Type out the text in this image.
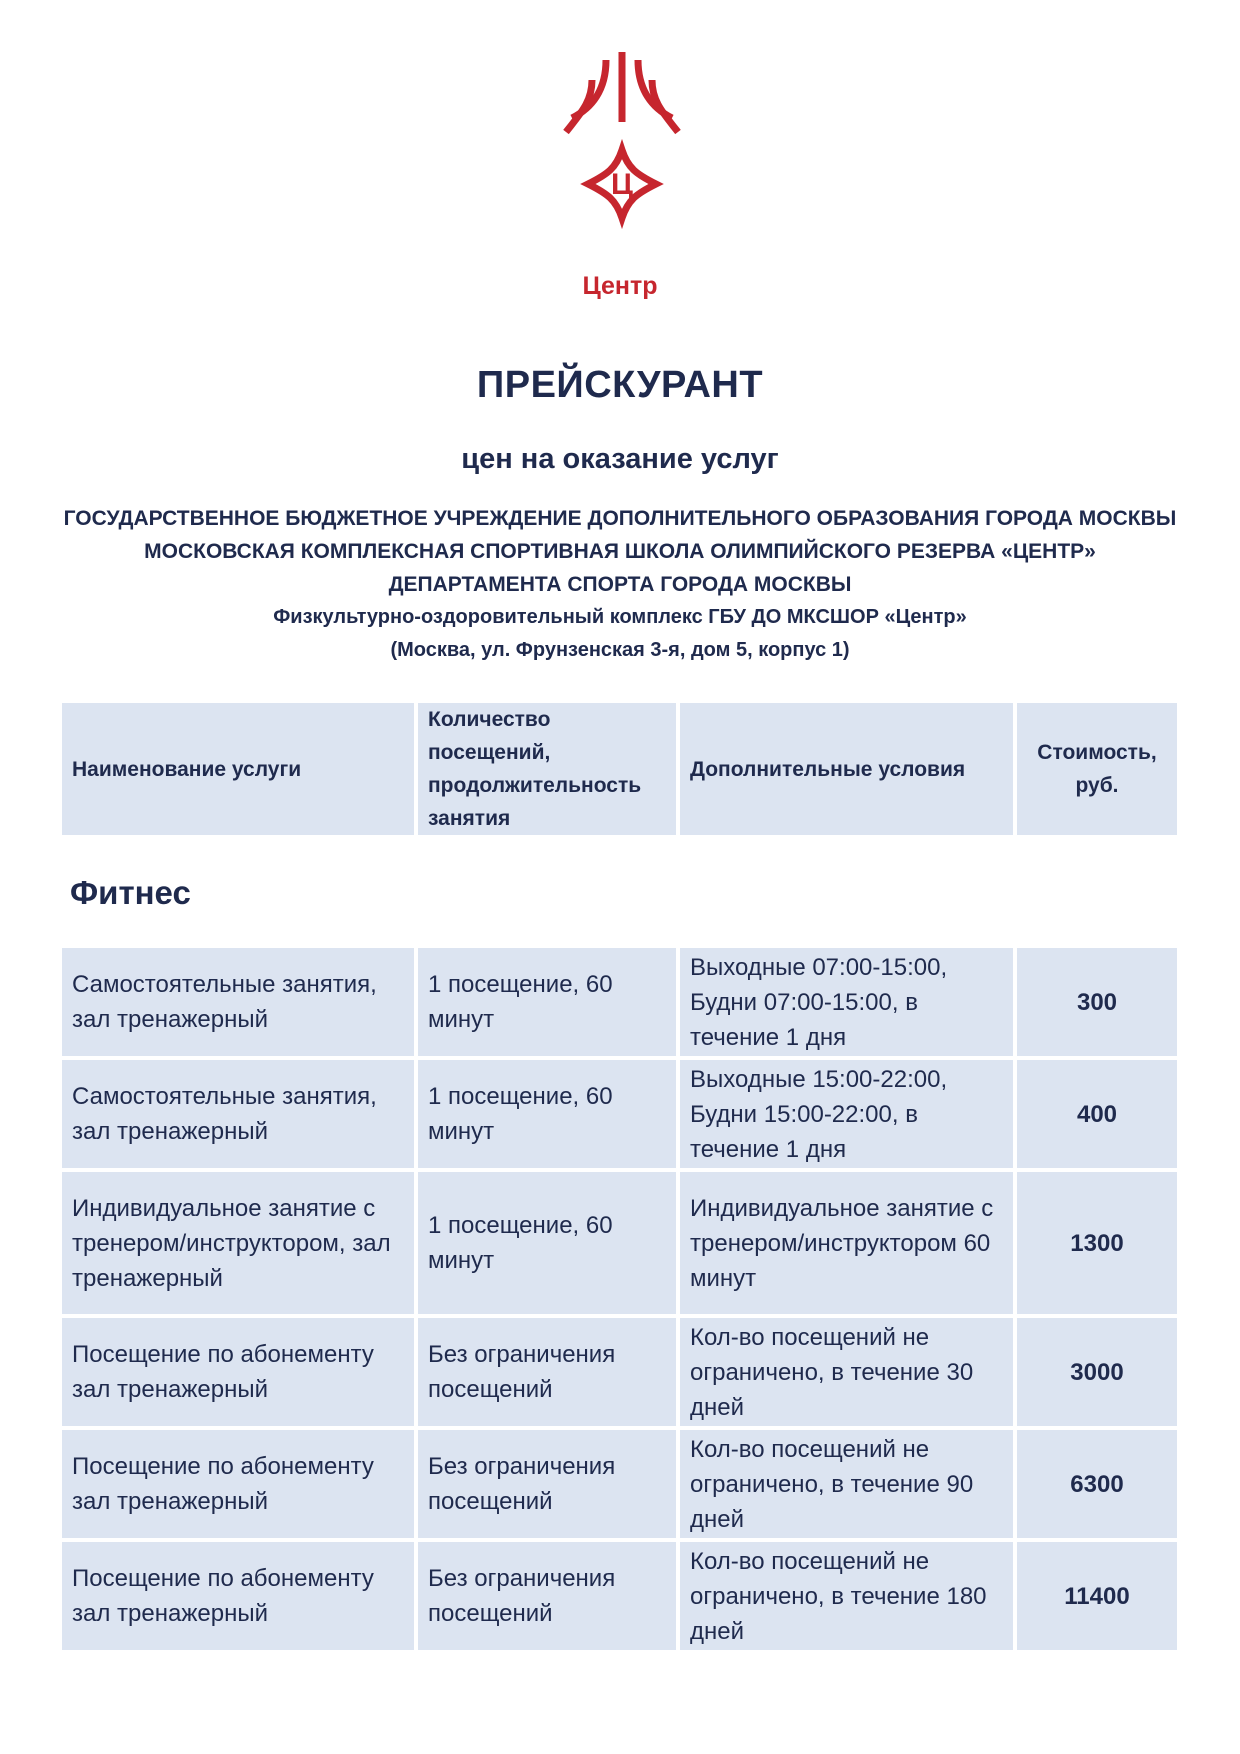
Ц
Центр
ПРЕЙСКУРАНТ
цен на оказание услуг
ГОСУДАРСТВЕННОЕ БЮДЖЕТНОЕ УЧРЕЖДЕНИЕ ДОПОЛНИТЕЛЬНОГО ОБРАЗОВАНИЯ ГОРОДА МОСКВЫ
МОСКОВСКАЯ КОМПЛЕКСНАЯ СПОРТИВНАЯ ШКОЛА ОЛИМПИЙСКОГО РЕЗЕРВА «ЦЕНТР»
ДЕПАРТАМЕНТА СПОРТА ГОРОДА МОСКВЫ
Физкультурно-оздоровительный комплекс ГБУ ДО МКСШОР «Центр»
(Москва, ул. Фрунзенская 3-я, дом 5, корпус 1)
Наименование услуги
Количество посещений, продолжительность занятия
Дополнительные условия
Стоимость, руб.
Фитнес
Самостоятельные занятия, зал тренажерный
1 посещение, 60 минут
Выходные 07:00-15:00, Будни 07:00-15:00, в течение 1 дня
300
Самостоятельные занятия, зал тренажерный
1 посещение, 60 минут
Выходные 15:00-22:00, Будни 15:00-22:00, в течение 1 дня
400
Индивидуальное занятие с тренером/инструктором, зал тренажерный
1 посещение, 60 минут
Индивидуальное занятие с тренером/инструктором 60 минут
1300
Посещение по абонементу зал тренажерный
Без ограничения посещений
Кол-во посещений не ограничено, в течение 30 дней
3000
Посещение по абонементу зал тренажерный
Без ограничения посещений
Кол-во посещений не ограничено, в течение 90 дней
6300
Посещение по абонементу зал тренажерный
Без ограничения посещений
Кол-во посещений не ограничено, в течение 180 дней
11400
